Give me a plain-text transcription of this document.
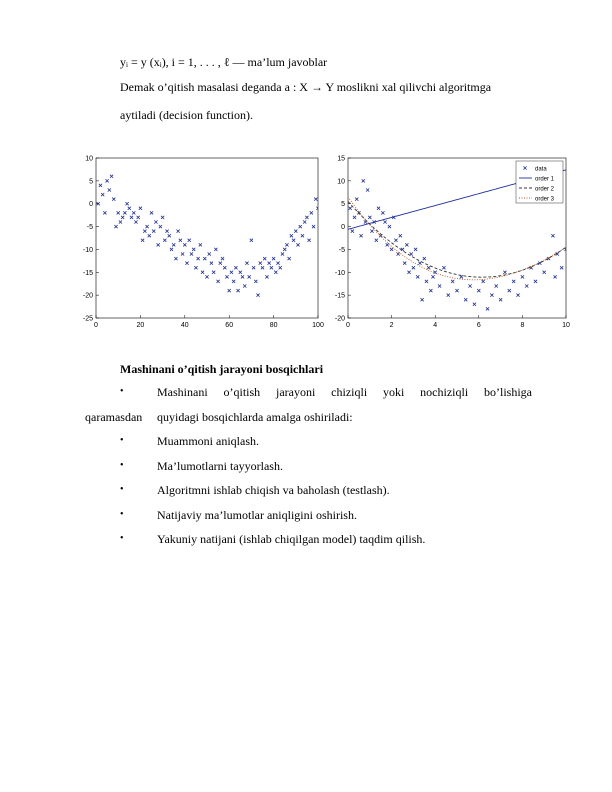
yᵢ = y (xᵢ), i = 1, . . . , ℓ — ma’lum javoblar
Demak o’qitish masalasi deganda a : X → Y moslikni xal qilivchi algoritmga
aytiladi (decision function).
0	20	40	60	80	100
10
5
0
-5
-10
-15
-20
-25
0	2	4	6	8	10
15
10
5
0
-5
-10
-15
-20
data
order 1
order 2
order 3
Mashinani o’qitish jarayoni bosqichlari
•	Mashinani o’qitish jarayoni chiziqli yoki nochiziqli bo’lishiga
qaramasdan quyidagi bosqichlarda amalga oshiriladi:
•	Muammoni aniqlash.
•	Ma’lumotlarni tayyorlash.
•	Algoritmni ishlab chiqish va baholash (testlash).
•	Natijaviy ma’lumotlar aniqligini oshirish.
•	Yakuniy natijani (ishlab chiqilgan model) taqdim qilish.
